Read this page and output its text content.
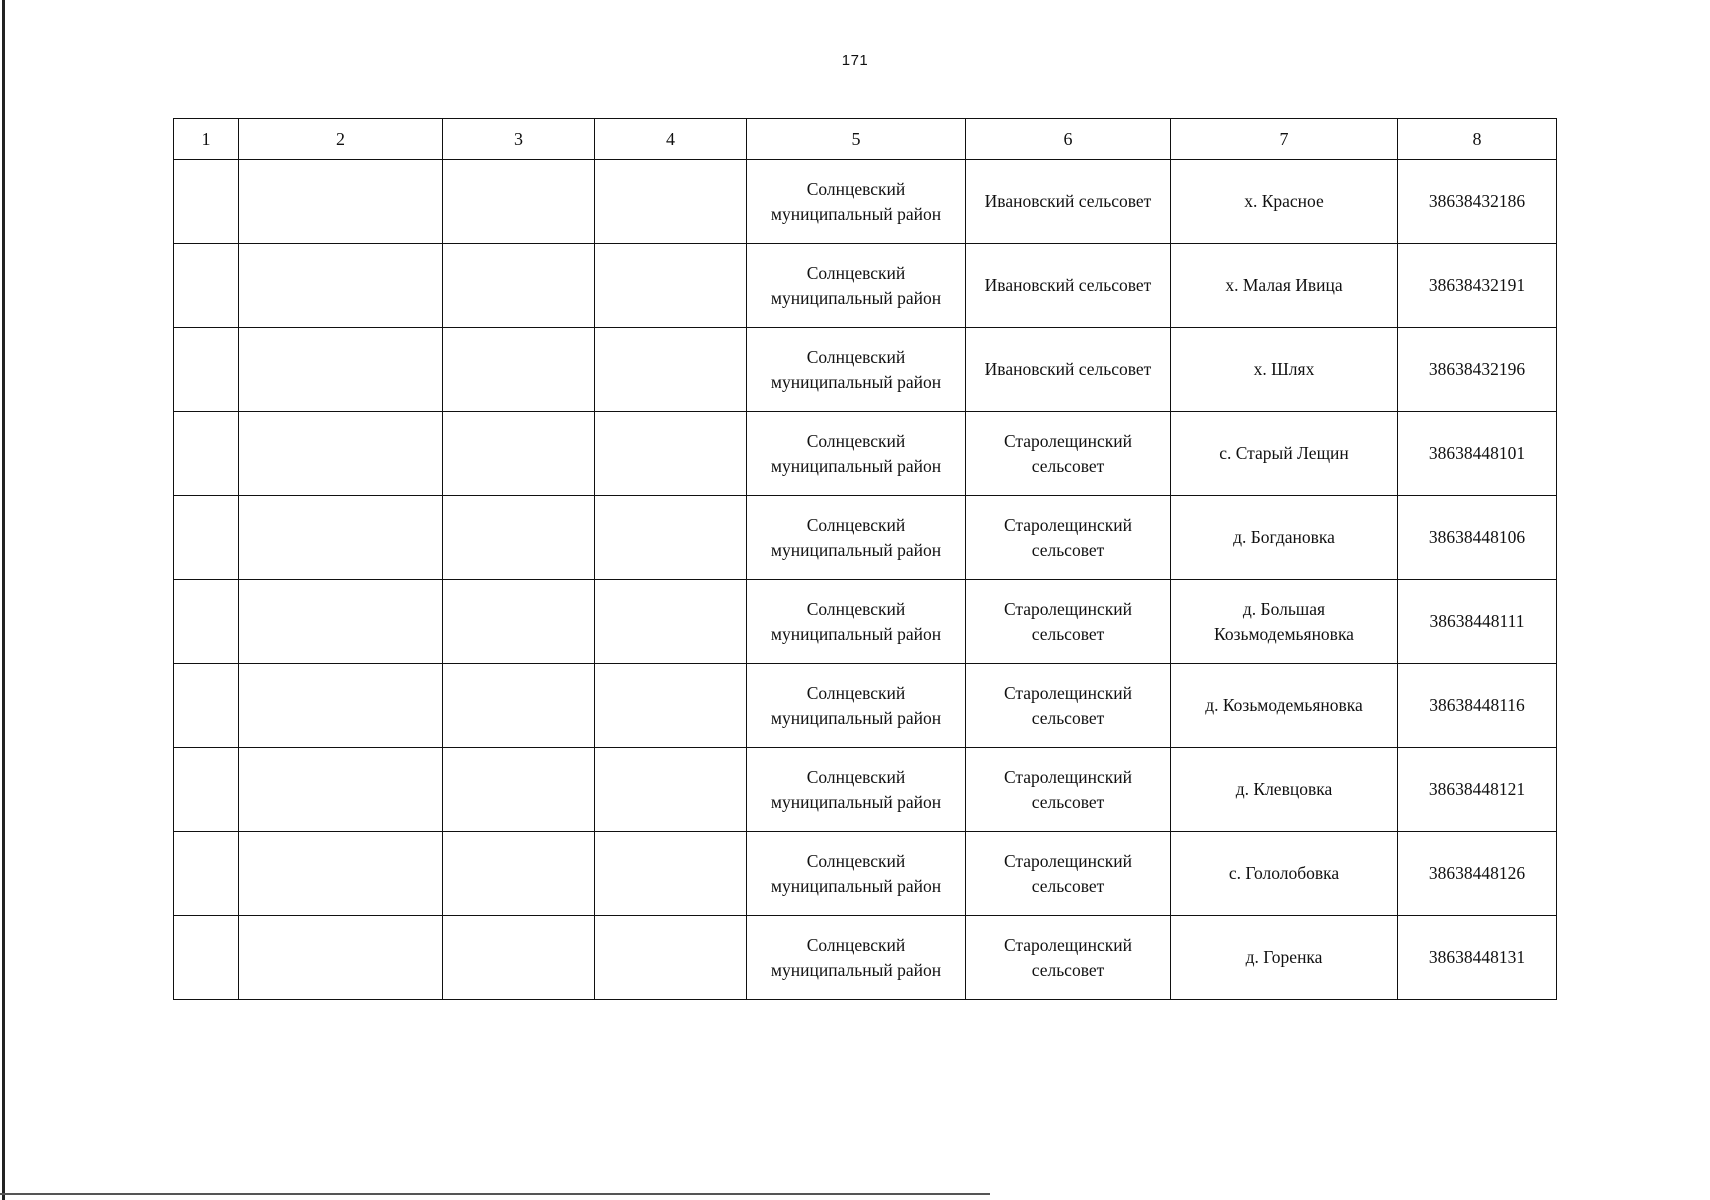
171
1	2	3	4	5	6	7	8
				Солнцевский муниципальный район	Ивановский сельсовет	х. Красное	38638432186
				Солнцевский муниципальный район	Ивановский сельсовет	х. Малая Ивица	38638432191
				Солнцевский муниципальный район	Ивановский сельсовет	х. Шлях	38638432196
				Солнцевский муниципальный район	Старолещинский сельсовет	с. Старый Лещин	38638448101
				Солнцевский муниципальный район	Старолещинский сельсовет	д. Богдановка	38638448106
				Солнцевский муниципальный район	Старолещинский сельсовет	д. Большая Козьмодемьяновка	38638448111
				Солнцевский муниципальный район	Старолещинский сельсовет	д. Козьмодемьяновка	38638448116
				Солнцевский муниципальный район	Старолещинский сельсовет	д. Клевцовка	38638448121
				Солнцевский муниципальный район	Старолещинский сельсовет	с. Гололобовка	38638448126
				Солнцевский муниципальный район	Старолещинский сельсовет	д. Горенка	38638448131
